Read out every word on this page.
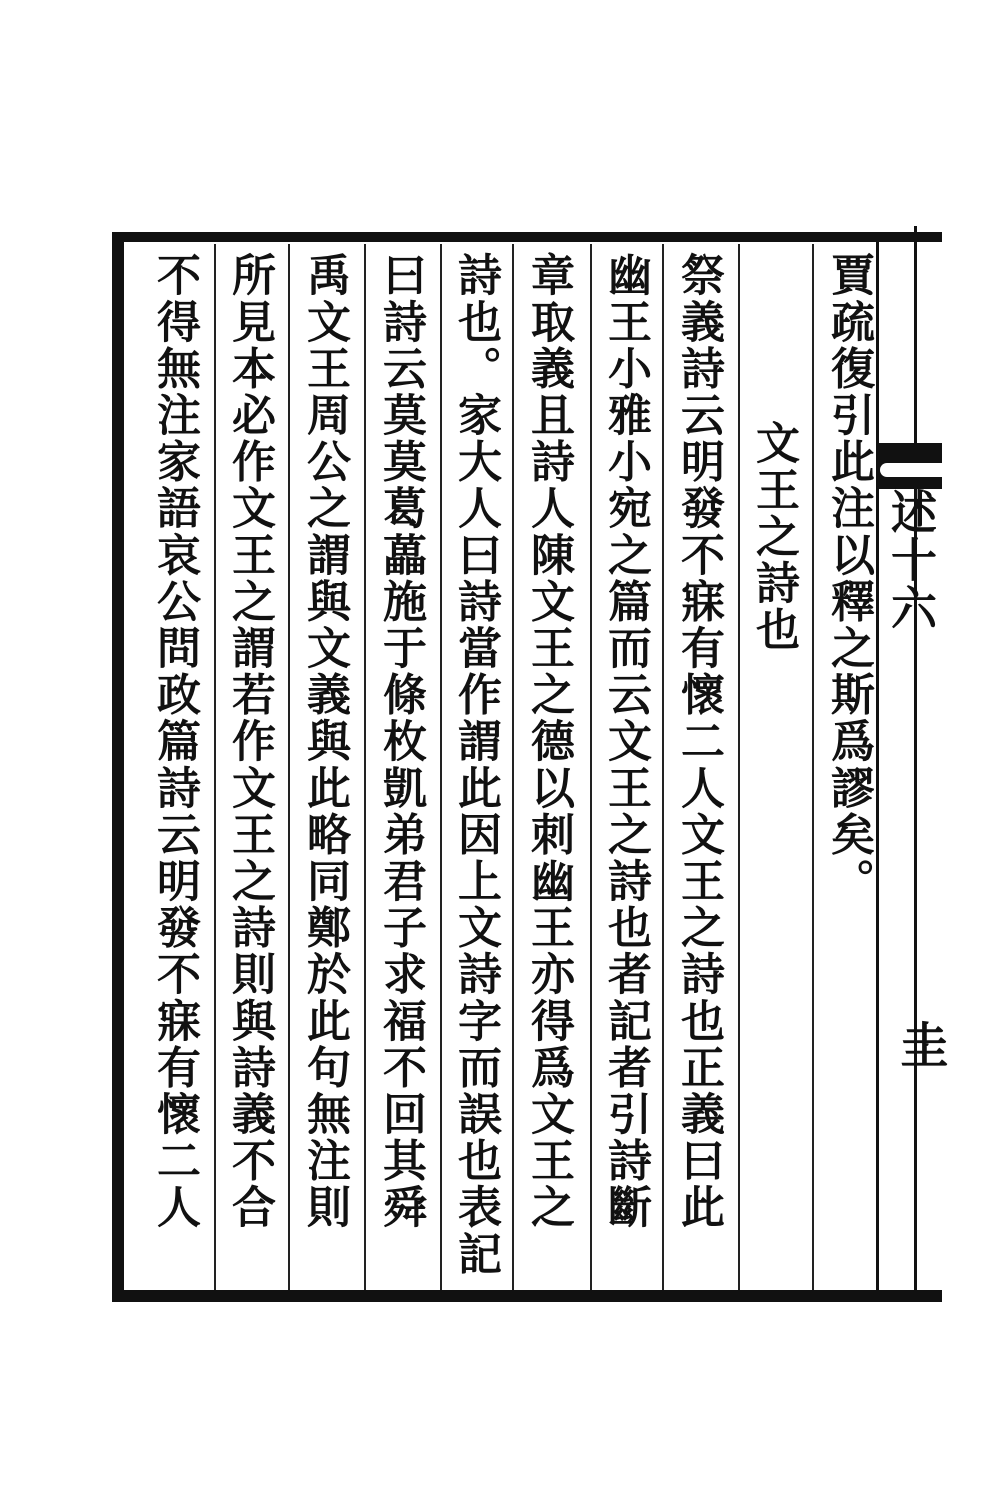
述十六
圭
賈疏復引此注以釋之斯爲謬矣。
文王之詩也
祭義詩云明發不寐有懷二人文王之詩也正義曰此
幽王小雅小宛之篇而云文王之詩也者記者引詩斷
章取義且詩人陳文王之德以刺幽王亦得爲文王之
詩也。家大人曰詩當作謂此因上文詩字而誤也表記
曰詩云莫莫葛藟施于條枚凱弟君子求福不回其舜
禹文王周公之謂與文義與此略同鄭於此句無注則
所見本必作文王之謂若作文王之詩則與詩義不合
不得無注家語哀公問政篇詩云明發不寐有懷二人
